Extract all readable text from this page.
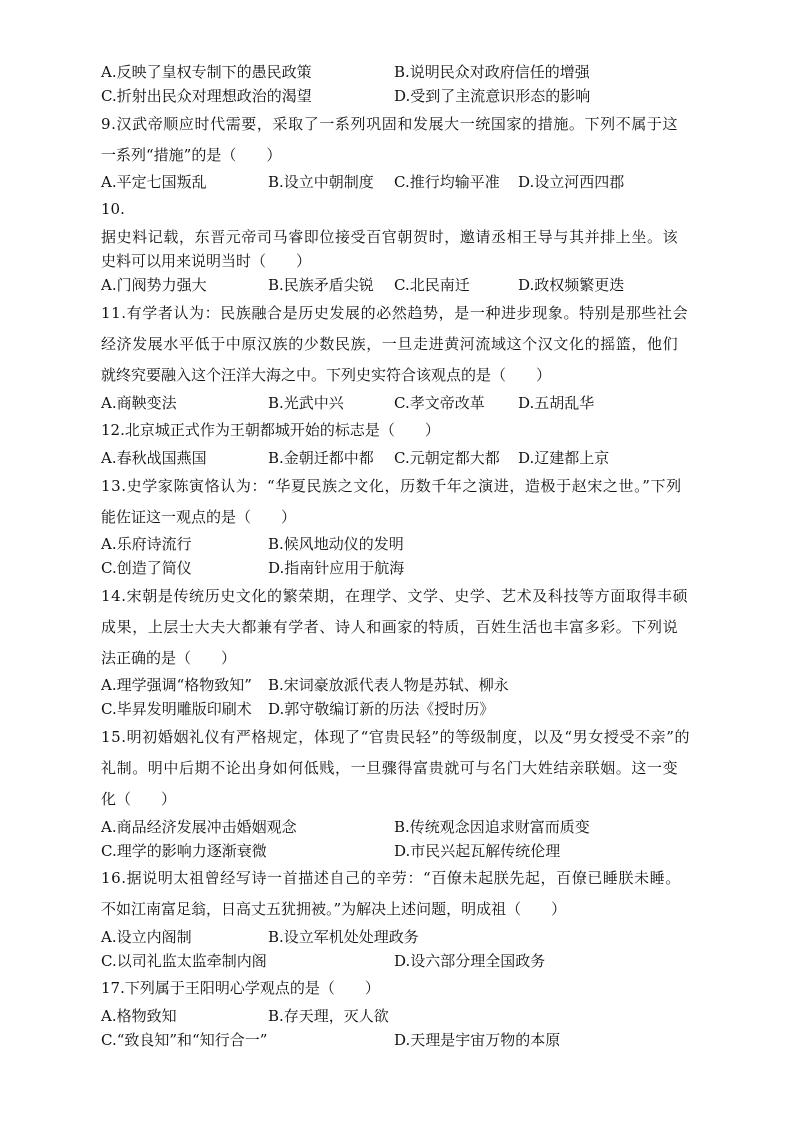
A.反映了皇权专制下的愚民政策	B.说明民众对政府信任的增强
C.折射出民众对理想政治的渴望	D.受到了主流意识形态的影响
9.汉武帝顺应时代需要，采取了一系列巩固和发展大一统国家的措施。下列不属于这
一系列“措施”的是（　　）
A.平定七国叛乱	B.设立中朝制度 C.推行均输平准 D.设立河西四郡
10.
据史料记载，东晋元帝司马睿即位接受百官朝贺时，邀请丞相王导与其并排上坐。该
史料可以用来说明当时（　　）
A.门阀势力强大	B.民族矛盾尖锐 C.北民南迁	D.政权频繁更迭
11.有学者认为：民族融合是历史发展的必然趋势，是一种进步现象。特别是那些社会
经济发展水平低于中原汉族的少数民族，一旦走进黄河流域这个汉文化的摇篮，他们
就终究要融入这个汪洋大海之中。下列史实符合该观点的是（　　）
A.商鞅变法	B.光武中兴	C.孝文帝改革 D.五胡乱华
12.北京城正式作为王朝都城开始的标志是（　　）
A.春秋战国燕国	B.金朝迁都中都 C.元朝定都大都 D.辽建都上京
13.史学家陈寅恪认为：“华夏民族之文化，历数千年之演进，造极于赵宋之世。”下列
能佐证这一观点的是（　　）
A.乐府诗流行	B.候风地动仪的发明
C.创造了简仪	D.指南针应用于航海
14.宋朝是传统历史文化的繁荣期，在理学、文学、史学、艺术及科技等方面取得丰硕
成果，上层士大夫大都兼有学者、诗人和画家的特质，百姓生活也丰富多彩。下列说
法正确的是（　　）
A.理学强调“格物致知” B.宋词豪放派代表人物是苏轼、柳永
C.毕昇发明雕版印刷术 D.郭守敬编订新的历法《授时历》
15.明初婚姻礼仪有严格规定，体现了“官贵民轻”的等级制度，以及“男女授受不亲”的
礼制。明中后期不论出身如何低贱，一旦骤得富贵就可与名门大姓结亲联姻。这一变
化（　　）
A.商品经济发展冲击婚姻观念	B.传统观念因追求财富而质变
C.理学的影响力逐渐衰微	D.市民兴起瓦解传统伦理
16.据说明太祖曾经写诗一首描述自己的辛劳：“百僚未起朕先起，百僚已睡朕未睡。
不如江南富足翁，日高丈五犹拥被。”为解决上述问题，明成祖（　　）
A.设立内阁制	B.设立军机处处理政务
C.以司礼监太监牵制内阁	D.设六部分理全国政务
17.下列属于王阳明心学观点的是（　　）
A.格物致知	B.存天理，灭人欲
C.“致良知”和“知行合一”	D.天理是宇宙万物的本原
